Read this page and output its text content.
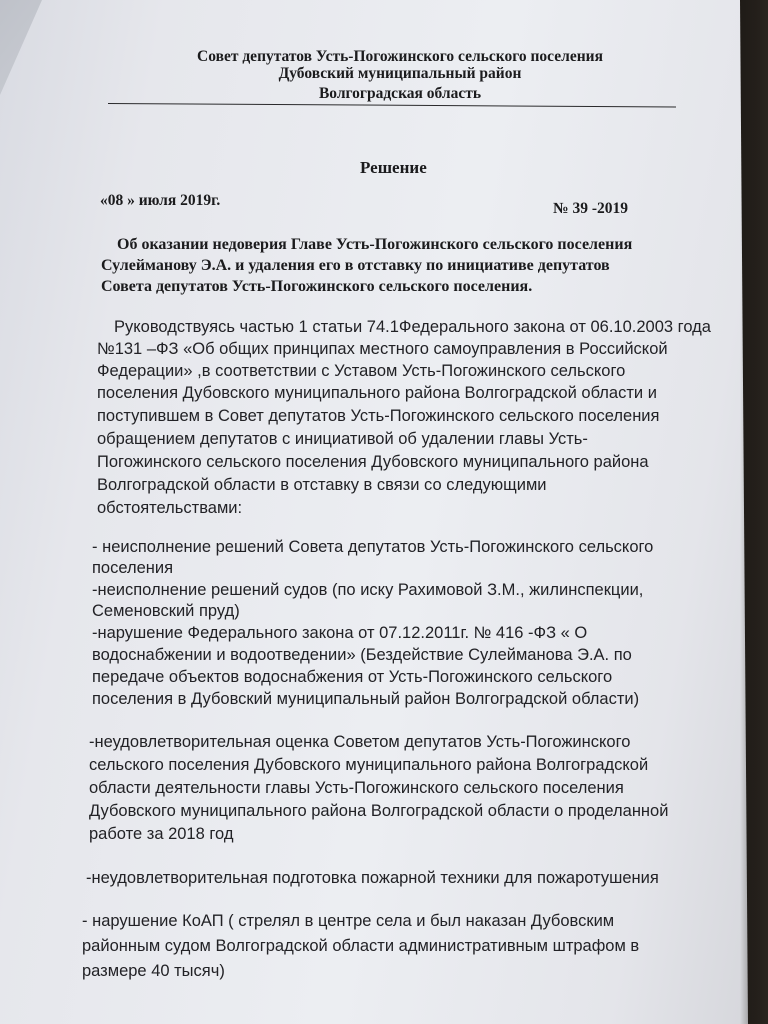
Совет депутатов Усть-Погожинского сельского поселения
Дубовский муниципальный район
Волгоградская область
Решение
«08 » июля 2019г.	№ 39 -2019
Об оказании недоверия Главе Усть-Погожинского сельского поселения
Сулейманову Э.А. и удаления его в отставку по инициативе депутатов
Совета депутатов Усть-Погожинского сельского поселения.
Руководствуясь частью 1 статьи 74.1Федерального закона от 06.10.2003 года
№131 –ФЗ «Об общих принципах местного самоуправления в Российской
Федерации» ,в соответствии с Уставом Усть-Погожинского сельского
поселения Дубовского муниципального района Волгоградской области и
поступившем в Совет депутатов Усть-Погожинского сельского поселения
обращением депутатов с инициативой об удалении главы Усть-
Погожинского сельского поселения Дубовского муниципального района
Волгоградской области в отставку в связи со следующими
обстоятельствами:
- неисполнение решений Совета депутатов Усть-Погожинского сельского
поселения
-неисполнение решений судов (по иску Рахимовой З.М., жилинспекции,
Семеновский пруд)
-нарушение Федерального закона от 07.12.2011г. № 416 -ФЗ « О
водоснабжении и водоотведении» (Бездействие Сулейманова Э.А. по
передаче объектов водоснабжения от Усть-Погожинского сельского
поселения в Дубовский муниципальный район Волгоградской области)
-неудовлетворительная оценка Советом депутатов Усть-Погожинского
сельского поселения Дубовского муниципального района Волгоградской
области деятельности главы Усть-Погожинского сельского поселения
Дубовского муниципального района Волгоградской области о проделанной
работе за 2018 год
-неудовлетворительная подготовка пожарной техники для пожаротушения
- нарушение КоАП ( стрелял в центре села и был наказан Дубовским
районным судом Волгоградской области административным штрафом в
размере 40 тысяч)
